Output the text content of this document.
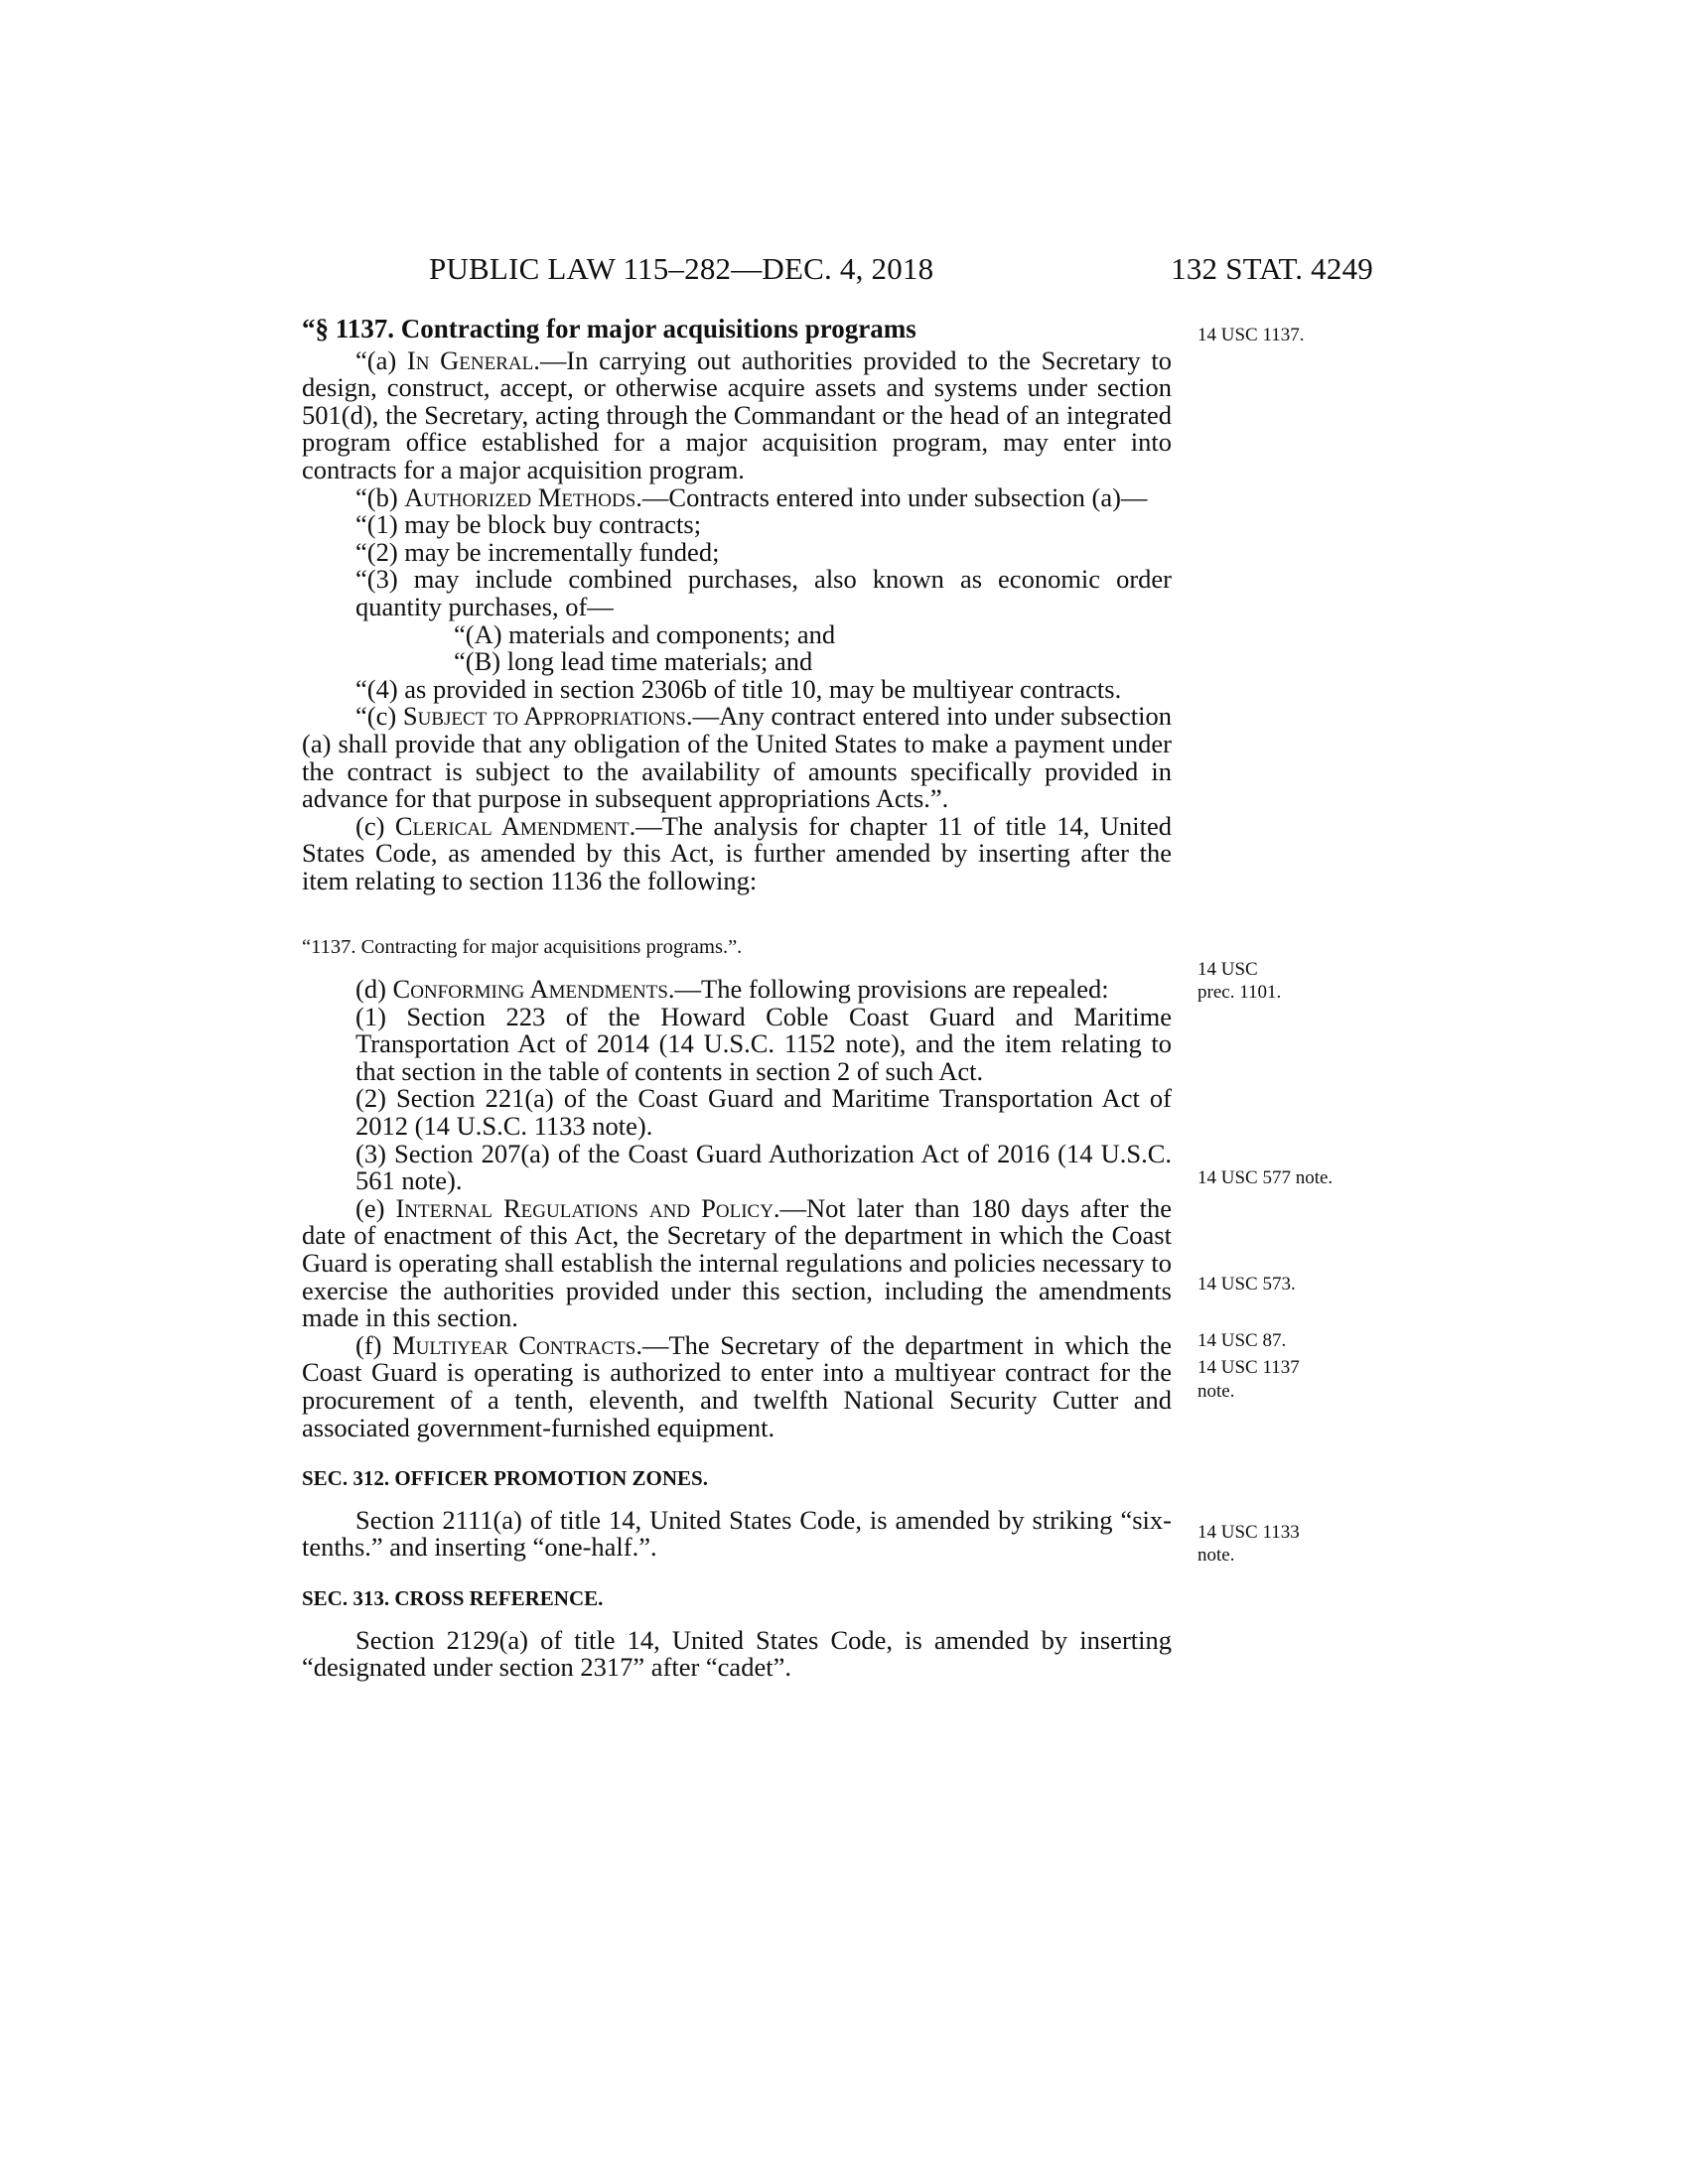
PUBLIC LAW 115–282—DEC. 4, 2018	132 STAT. 4249

“§ 1137. Contracting for major acquisitions programs

“(a) In General.—In carrying out authorities provided to the Secretary to design, construct, accept, or otherwise acquire assets and systems under section 501(d), the Secretary, acting through the Commandant or the head of an integrated program office established for a major acquisition program, may enter into contracts for a major acquisition program.

“(b) Authorized Methods.—Contracts entered into under subsection (a)—

“(1) may be block buy contracts;

“(2) may be incrementally funded;

“(3) may include combined purchases, also known as economic order quantity purchases, of—

“(A) materials and components; and

“(B) long lead time materials; and

“(4) as provided in section 2306b of title 10, may be multiyear contracts.

“(c) Subject to Appropriations.—Any contract entered into under subsection (a) shall provide that any obligation of the United States to make a payment under the contract is subject to the availability of amounts specifically provided in advance for that purpose in subsequent appropriations Acts.”.

(c) Clerical Amendment.—The analysis for chapter 11 of title 14, United States Code, as amended by this Act, is further amended by inserting after the item relating to section 1136 the following:

“1137. Contracting for major acquisitions programs.”.

(d) Conforming Amendments.—The following provisions are repealed:

(1) Section 223 of the Howard Coble Coast Guard and Maritime Transportation Act of 2014 (14 U.S.C. 1152 note), and the item relating to that section in the table of contents in section 2 of such Act.

(2) Section 221(a) of the Coast Guard and Maritime Transportation Act of 2012 (14 U.S.C. 1133 note).

(3) Section 207(a) of the Coast Guard Authorization Act of 2016 (14 U.S.C. 561 note).

(e) Internal Regulations and Policy.—Not later than 180 days after the date of enactment of this Act, the Secretary of the department in which the Coast Guard is operating shall establish the internal regulations and policies necessary to exercise the authorities provided under this section, including the amendments made in this section.

(f) Multiyear Contracts.—The Secretary of the department in which the Coast Guard is operating is authorized to enter into a multiyear contract for the procurement of a tenth, eleventh, and twelfth National Security Cutter and associated government-furnished equipment.

SEC. 312. OFFICER PROMOTION ZONES.

Section 2111(a) of title 14, United States Code, is amended by striking “six-tenths.” and inserting “one-half.”.

SEC. 313. CROSS REFERENCE.

Section 2129(a) of title 14, United States Code, is amended by inserting “designated under section 2317” after “cadet”.

14 USC 1137.
14 USC
prec. 1101.
14 USC 577 note.
14 USC 573.
14 USC 87.
14 USC 1137
note.
14 USC 1133
note.
